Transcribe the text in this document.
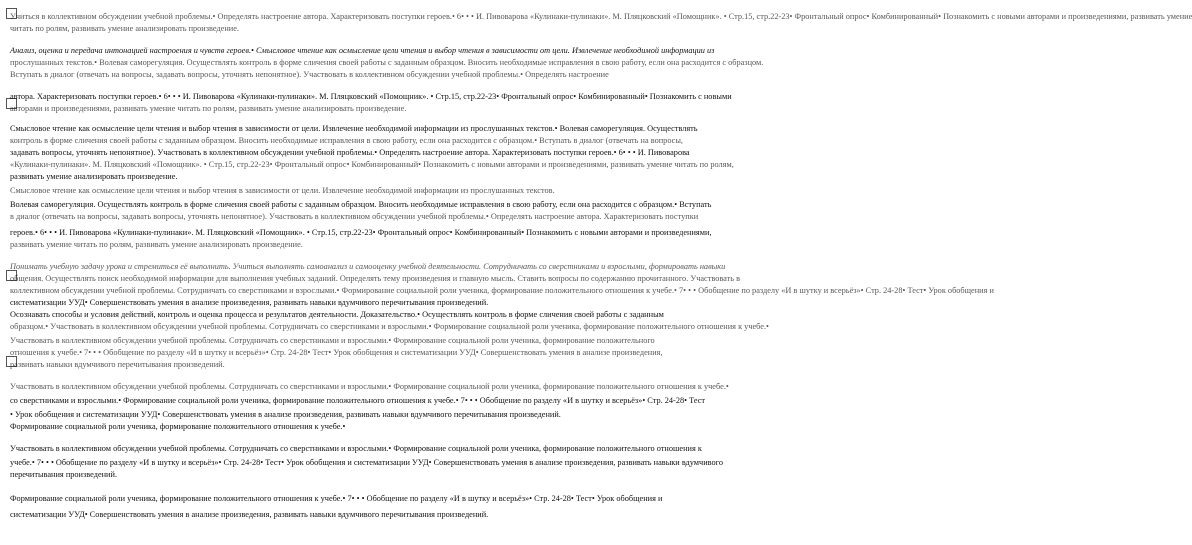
Учиться в коллективном обсуждении учебной проблемы.• Определять настроение автора. Характеризовать поступки героев.• 6• • • И. Пивоварова «Кулинаки-пулинаки». М. Пляцковский «Помощник». • Стр.15, стр.22-23• Фронтальный опрос• Комбинированный• Познакомить с новыми авторами и произведениями, развивать умение
читать по ролям, развивать умение анализировать произведение.
Анализ, оценка и передача интонацией настроения и чувств героев.• Смысловое чтение как осмысление цели чтения и выбор чтения в зависимости от цели. Извлечение необходимой информации из
прослушанных текстов.• Волевая саморегуляция. Осуществлять контроль в форме сличения своей работы с заданным образцом. Вносить необходимые исправления в свою работу, если она расходится с образцом.
Вступать в диалог (отвечать на вопросы, задавать вопросы, уточнять непонятное). Участвовать в коллективном обсуждении учебной проблемы.• Определять настроение
автора. Характеризовать поступки героев.• 6• • • И. Пивоварова «Кулинаки-пулинаки». М. Пляцковский «Помощник». • Стр.15, стр.22-23• Фронтальный опрос• Комбинированный• Познакомить с новыми
авторами и произведениями, развивать умение читать по ролям, развивать умение анализировать произведение.
Смысловое чтение как осмысление цели чтения и выбор чтения в зависимости от цели. Извлечение необходимой информации из прослушанных текстов.• Волевая саморегуляция. Осуществлять
контроль в форме сличения своей работы с заданным образцом. Вносить необходимые исправления в свою работу, если она расходится с образцом.• Вступать в диалог (отвечать на вопросы,
задавать вопросы, уточнять непонятное). Участвовать в коллективном обсуждении учебной проблемы.• Определять настроение автора. Характеризовать поступки героев.• 6• • • И. Пивоварова
«Кулинаки-пулинаки». М. Пляцковский «Помощник». • Стр.15, стр.22-23• Фронтальный опрос• Комбинированный• Познакомить с новыми авторами и произведениями, развивать умение читать по ролям,
развивать умение анализировать произведение.
Смысловое чтение как осмысление цели чтения и выбор чтения в зависимости от цели. Извлечение необходимой информации из прослушанных текстов.
Волевая саморегуляция. Осуществлять контроль в форме сличения своей работы с заданным образцом. Вносить необходимые исправления в свою работу, если она расходится с образцом.• Вступать
в диалог (отвечать на вопросы, задавать вопросы, уточнять непонятное). Участвовать в коллективном обсуждении учебной проблемы.• Определять настроение автора. Характеризовать поступки
героев.• 6• • • И. Пивоварова «Кулинаки-пулинаки». М. Пляцковский «Помощник». • Стр.15, стр.22-23• Фронтальный опрос• Комбинированный• Познакомить с новыми авторами и произведениями,
развивать умение читать по ролям, развивать умение анализировать произведение.
Понимать учебную задачу урока и стремиться её выполнить. Учиться выполнять самоанализ и самооценку учебной деятельности. Сотрудничать со сверстниками и взрослыми, формировать навыки
общения. Осуществлять поиск необходимой информации для выполнения учебных заданий. Определять тему произведения и главную мысль. Ставить вопросы по содержанию прочитанного. Участвовать в
коллективном обсуждении учебной проблемы. Сотрудничать со сверстниками и взрослыми.• Формирование социальной роли ученика, формирование положительного отношения к учебе.• 7• • • Обобщение по разделу «И в шутку и всерьёз»• Стр. 24-28• Тест• Урок обобщения и
систематизации УУД• Совершенствовать умения в анализе произведения, развивать навыки вдумчивого перечитывания произведений.
Осознавать способы и условия действий, контроль и оценка процесса и результатов деятельности. Доказательство.• Осуществлять контроль в форме сличения своей работы с заданным
образцом.• Участвовать в коллективном обсуждении учебной проблемы. Сотрудничать со сверстниками и взрослыми.• Формирование социальной роли ученика, формирование положительного отношения к учебе.•
Участвовать в коллективном обсуждении учебной проблемы. Сотрудничать со сверстниками и взрослыми.• Формирование социальной роли ученика, формирование положительного
отношения к учебе.• 7• • • Обобщение по разделу «И в шутку и всерьёз»• Стр. 24-28• Тест• Урок обобщения и систематизации УУД• Совершенствовать умения в анализе произведения,
развивать навыки вдумчивого перечитывания произведений.
Участвовать в коллективном обсуждении учебной проблемы. Сотрудничать со сверстниками и взрослыми.• Формирование социальной роли ученика, формирование положительного отношения к учебе.•
со сверстниками и взрослыми.• Формирование социальной роли ученика, формирование положительного отношения к учебе.• 7• • • Обобщение по разделу «И в шутку и всерьёз»• Стр. 24-28• Тест
• Урок обобщения и систематизации УУД• Совершенствовать умения в анализе произведения, развивать навыки вдумчивого перечитывания произведений.
Формирование социальной роли ученика, формирование положительного отношения к учебе.•
Участвовать в коллективном обсуждении учебной проблемы. Сотрудничать со сверстниками и взрослыми.• Формирование социальной роли ученика, формирование положительного отношения к
учебе.• 7• • • Обобщение по разделу «И в шутку и всерьёз»• Стр. 24-28• Тест• Урок обобщения и систематизации УУД• Совершенствовать умения в анализе произведения, развивать навыки вдумчивого
перечитывания произведений.
Формирование социальной роли ученика, формирование положительного отношения к учебе.• 7• • • Обобщение по разделу «И в шутку и всерьёз»• Стр. 24-28• Тест• Урок обобщения и
систематизации УУД• Совершенствовать умения в анализе произведения, развивать навыки вдумчивого перечитывания произведений.
